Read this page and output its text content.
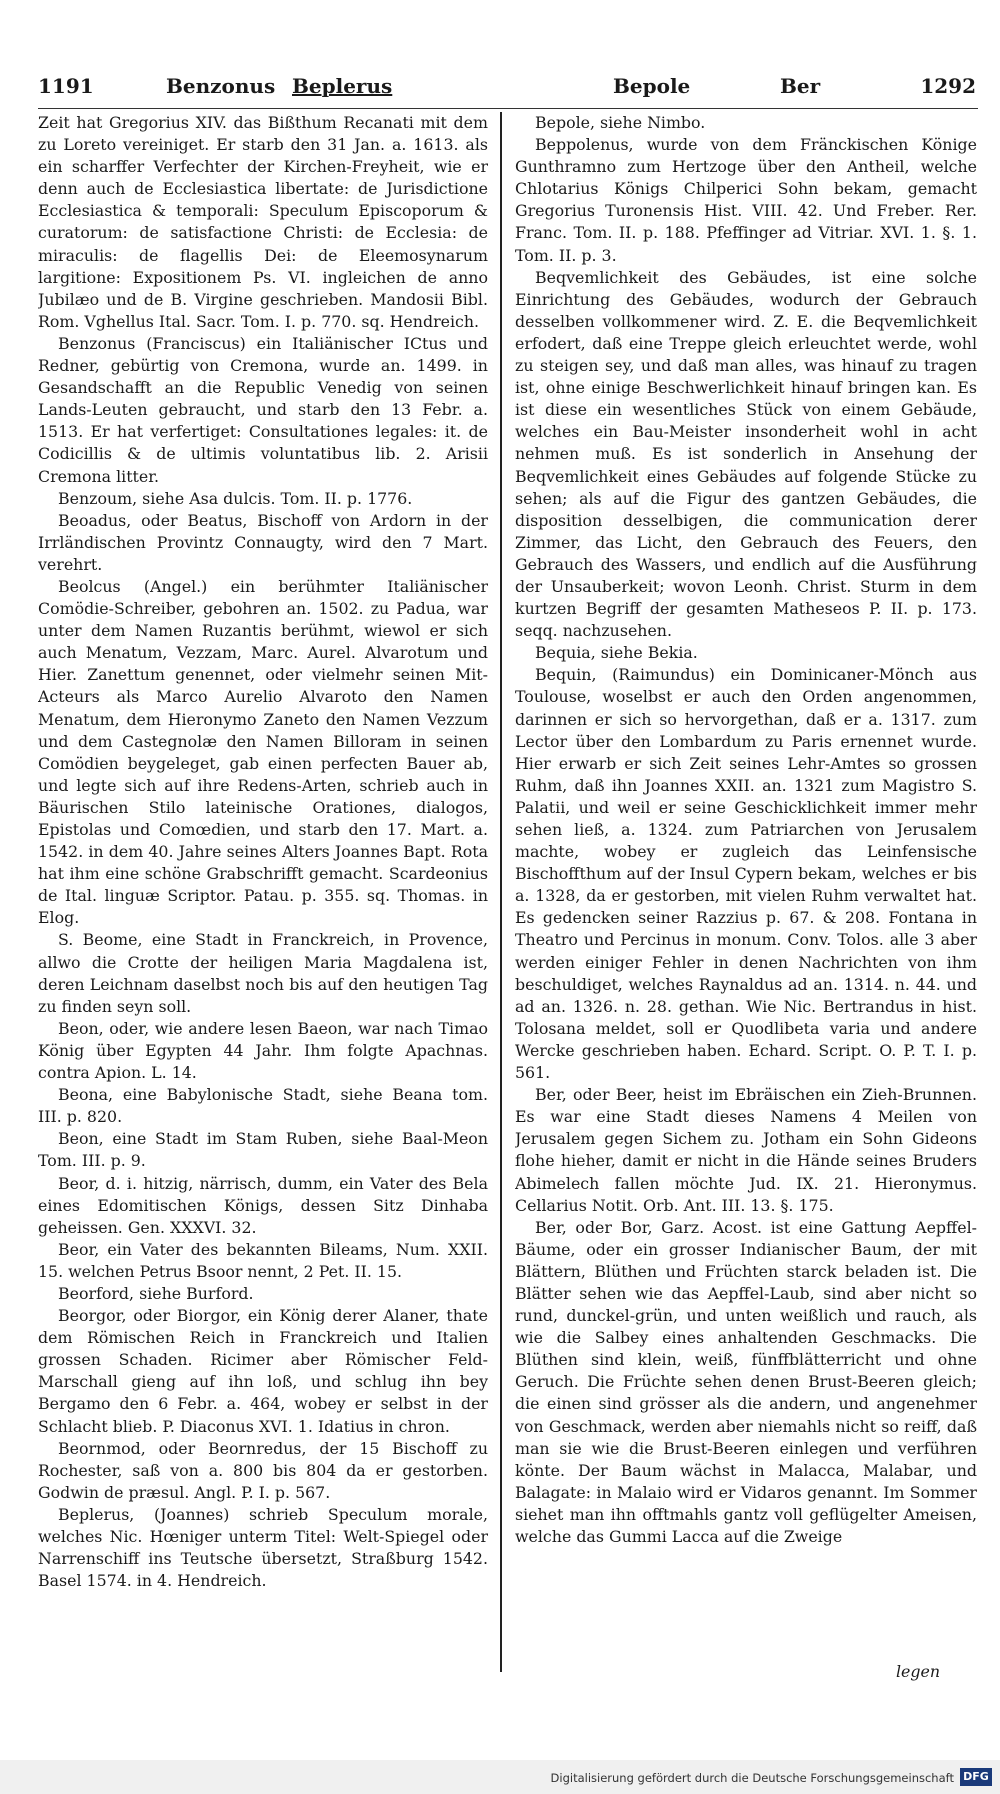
1191	Benzonus Beplerus	Bepole	Ber	1292

Zeit hat Gregorius XIV. das Bißthum Recanati mit dem zu Loreto vereiniget. Er starb den 31 Jan. a. 1613. als ein scharffer Verfechter der Kirchen-Freyheit, wie er denn auch de Ecclesiastica libertate: de Jurisdictione Ecclesiastica & temporali: Speculum Episcoporum & curatorum: de satisfactione Christi: de Ecclesia: de miraculis: de flagellis Dei: de Eleemosynarum largitione: Expositionem Ps. VI. ingleichen de anno Jubilæo und de B. Virgine geschrieben. Mandosii Bibl. Rom. Vghellus Ital. Sacr. Tom. I. p. 770. sq. Hendreich.

Benzonus (Franciscus) ein Italiänischer ICtus und Redner, gebürtig von Cremona, wurde an. 1499. in Gesandschafft an die Republic Venedig von seinen Lands-Leuten gebraucht, und starb den 13 Febr. a. 1513. Er hat verfertiget: Consultationes legales: it. de Codicillis & de ultimis voluntatibus lib. 2. Arisii Cremona litter.

Benzoum, siehe Asa dulcis. Tom. II. p. 1776.

Beoadus, oder Beatus, Bischoff von Ardorn in der Irrländischen Provintz Connaugty, wird den 7 Mart. verehrt.

Beolcus (Angel.) ein berühmter Italiänischer Comödie-Schreiber, gebohren an. 1502. zu Padua, war unter dem Namen Ruzantis berühmt, wiewol er sich auch Menatum, Vezzam, Marc. Aurel. Alvarotum und Hier. Zanettum genennet, oder vielmehr seinen Mit-Acteurs als Marco Aurelio Alvaroto den Namen Menatum, dem Hieronymo Zaneto den Namen Vezzum und dem Castegnolæ den Namen Billoram in seinen Comödien beygeleget, gab einen perfecten Bauer ab, und legte sich auf ihre Redens-Arten, schrieb auch in Bäurischen Stilo lateinische Orationes, dialogos, Epistolas und Comœdien, und starb den 17. Mart. a. 1542. in dem 40. Jahre seines Alters Joannes Bapt. Rota hat ihm eine schöne Grabschrifft gemacht. Scardeonius de Ital. linguæ Scriptor. Patau. p. 355. sq. Thomas. in Elog.

S. Beome, eine Stadt in Franckreich, in Provence, allwo die Crotte der heiligen Maria Magdalena ist, deren Leichnam daselbst noch bis auf den heutigen Tag zu finden seyn soll.

Beon, oder, wie andere lesen Baeon, war nach Timao König über Egypten 44 Jahr. Ihm folgte Apachnas. contra Apion. L. 14.

Beona, eine Babylonische Stadt, siehe Beana tom. III. p. 820.

Beon, eine Stadt im Stam Ruben, siehe Baal-Meon Tom. III. p. 9.

Beor, d. i. hitzig, närrisch, dumm, ein Vater des Bela eines Edomitischen Königs, dessen Sitz Dinhaba geheissen. Gen. XXXVI. 32.

Beor, ein Vater des bekannten Bileams, Num. XXII. 15. welchen Petrus Bsoor nennt, 2 Pet. II. 15.

Beorford, siehe Burford.

Beorgor, oder Biorgor, ein König derer Alaner, thate dem Römischen Reich in Franckreich und Italien grossen Schaden. Ricimer aber Römischer Feld-Marschall gieng auf ihn loß, und schlug ihn bey Bergamo den 6 Febr. a. 464, wobey er selbst in der Schlacht blieb. P. Diaconus XVI. 1. Idatius in chron.

Beornmod, oder Beornredus, der 15 Bischoff zu Rochester, saß von a. 800 bis 804 da er gestorben. Godwin de præsul. Angl. P. I. p. 567.

Beplerus, (Joannes) schrieb Speculum morale, welches Nic. Hœniger unterm Titel: Welt-Spiegel oder Narrenschiff ins Teutsche übersetzt, Straßburg 1542. Basel 1574. in 4. Hendreich.

Bepole, siehe Nimbo.

Beppolenus, wurde von dem Fränckischen Könige Gunthramno zum Hertzoge über den Antheil, welche Chlotarius Königs Chilperici Sohn bekam, gemacht Gregorius Turonensis Hist. VIII. 42. Und Freber. Rer. Franc. Tom. II. p. 188. Pfeffinger ad Vitriar. XVI. 1. §. 1. Tom. II. p. 3.

Beqvemlichkeit des Gebäudes, ist eine solche Einrichtung des Gebäudes, wodurch der Gebrauch desselben vollkommener wird. Z. E. die Beqvemlichkeit erfodert, daß eine Treppe gleich erleuchtet werde, wohl zu steigen sey, und daß man alles, was hinauf zu tragen ist, ohne einige Beschwerlichkeit hinauf bringen kan. Es ist diese ein wesentliches Stück von einem Gebäude, welches ein Bau-Meister insonderheit wohl in acht nehmen muß. Es ist sonderlich in Ansehung der Beqvemlichkeit eines Gebäudes auf folgende Stücke zu sehen; als auf die Figur des gantzen Gebäudes, die disposition desselbigen, die communication derer Zimmer, das Licht, den Gebrauch des Feuers, den Gebrauch des Wassers, und endlich auf die Ausführung der Unsauberkeit; wovon Leonh. Christ. Sturm in dem kurtzen Begriff der gesamten Matheseos P. II. p. 173. seqq. nachzusehen.

Bequia, siehe Bekia.

Bequin, (Raimundus) ein Dominicaner-Mönch aus Toulouse, woselbst er auch den Orden angenommen, darinnen er sich so hervorgethan, daß er a. 1317. zum Lector über den Lombardum zu Paris ernennet wurde. Hier erwarb er sich Zeit seines Lehr-Amtes so grossen Ruhm, daß ihn Joannes XXII. an. 1321 zum Magistro S. Palatii, und weil er seine Geschicklichkeit immer mehr sehen ließ, a. 1324. zum Patriarchen von Jerusalem machte, wobey er zugleich das Leinfensische Bischoffthum auf der Insul Cypern bekam, welches er bis a. 1328, da er gestorben, mit vielen Ruhm verwaltet hat. Es gedencken seiner Razzius p. 67. & 208. Fontana in Theatro und Percinus in monum. Conv. Tolos. alle 3 aber werden einiger Fehler in denen Nachrichten von ihm beschuldiget, welches Raynaldus ad an. 1314. n. 44. und ad an. 1326. n. 28. gethan. Wie Nic. Bertrandus in hist. Tolosana meldet, soll er Quodlibeta varia und andere Wercke geschrieben haben. Echard. Script. O. P. T. I. p. 561.

Ber, oder Beer, heist im Ebräischen ein Zieh-Brunnen. Es war eine Stadt dieses Namens 4 Meilen von Jerusalem gegen Sichem zu. Jotham ein Sohn Gideons flohe hieher, damit er nicht in die Hände seines Bruders Abimelech fallen möchte Jud. IX. 21. Hieronymus. Cellarius Notit. Orb. Ant. III. 13. §. 175.

Ber, oder Bor, Garz. Acost. ist eine Gattung Aepffel-Bäume, oder ein grosser Indianischer Baum, der mit Blättern, Blüthen und Früchten starck beladen ist. Die Blätter sehen wie das Aepffel-Laub, sind aber nicht so rund, dunckel-grün, und unten weißlich und rauch, als wie die Salbey eines anhaltenden Geschmacks. Die Blüthen sind klein, weiß, fünffblätterricht und ohne Geruch. Die Früchte sehen denen Brust-Beeren gleich; die einen sind grösser als die andern, und angenehmer von Geschmack, werden aber niemahls nicht so reiff, daß man sie wie die Brust-Beeren einlegen und verführen könte. Der Baum wächst in Malacca, Malabar, und Balagate: in Malaio wird er Vidaros genannt. Im Sommer siehet man ihn offtmahls gantz voll geflügelter Ameisen, welche das Gummi Lacca auf die Zweige

legen
Digitalisierung gefördert durch die Deutsche Forschungsgemeinschaft DFG
